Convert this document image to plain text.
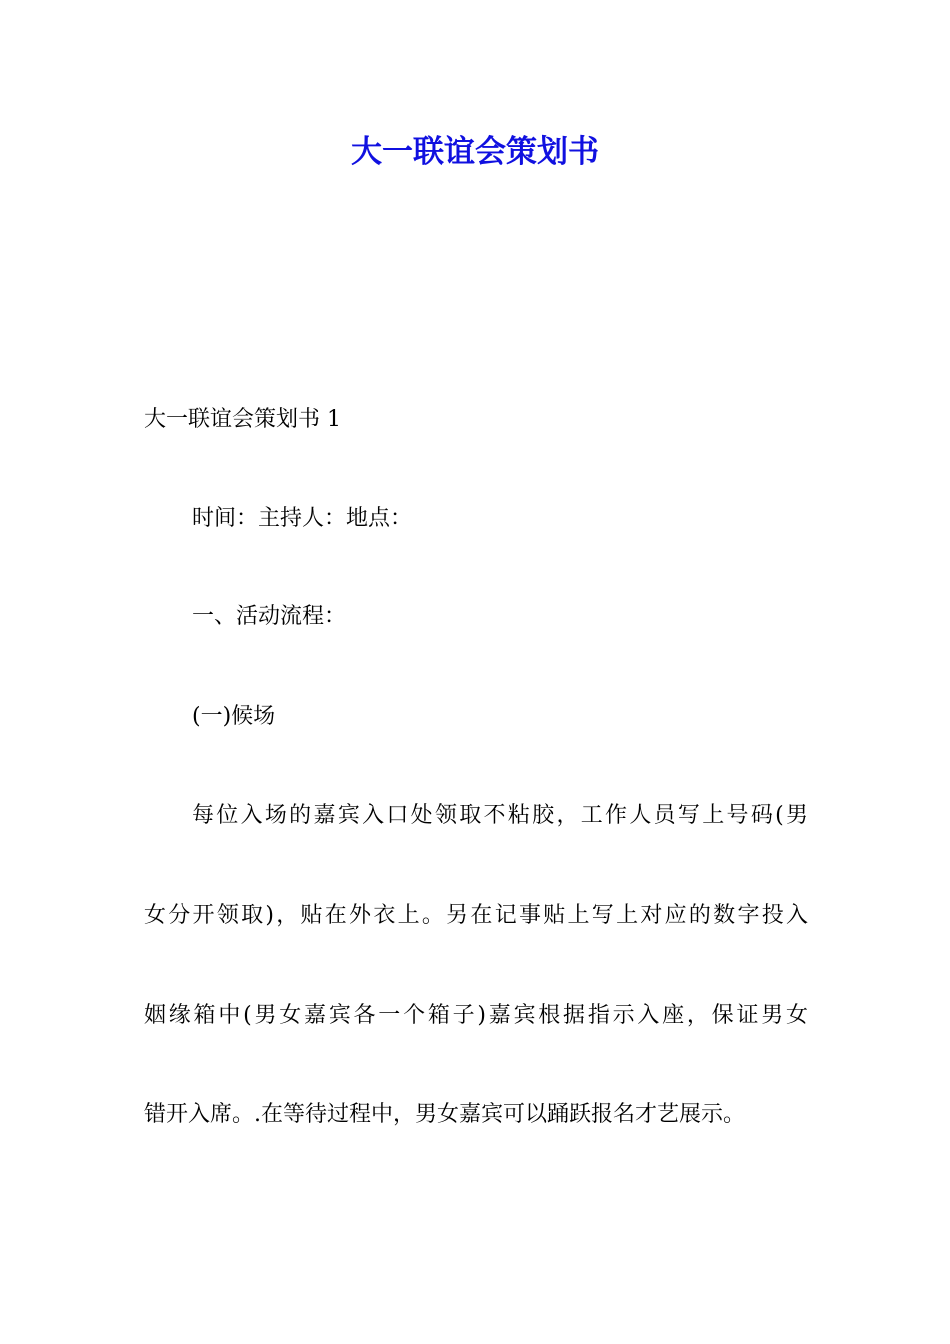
大一联谊会策划书

大一联谊会策划书 1

时间：主持人：地点：

一、活动流程：

(一)候场

每位入场的嘉宾入口处领取不粘胶，工作人员写上号码(男

女分开领取)，贴在外衣上。另在记事贴上写上对应的数字投入

姻缘箱中(男女嘉宾各一个箱子)嘉宾根据指示入座，保证男女

错开入席。.在等待过程中，男女嘉宾可以踊跃报名才艺展示。
